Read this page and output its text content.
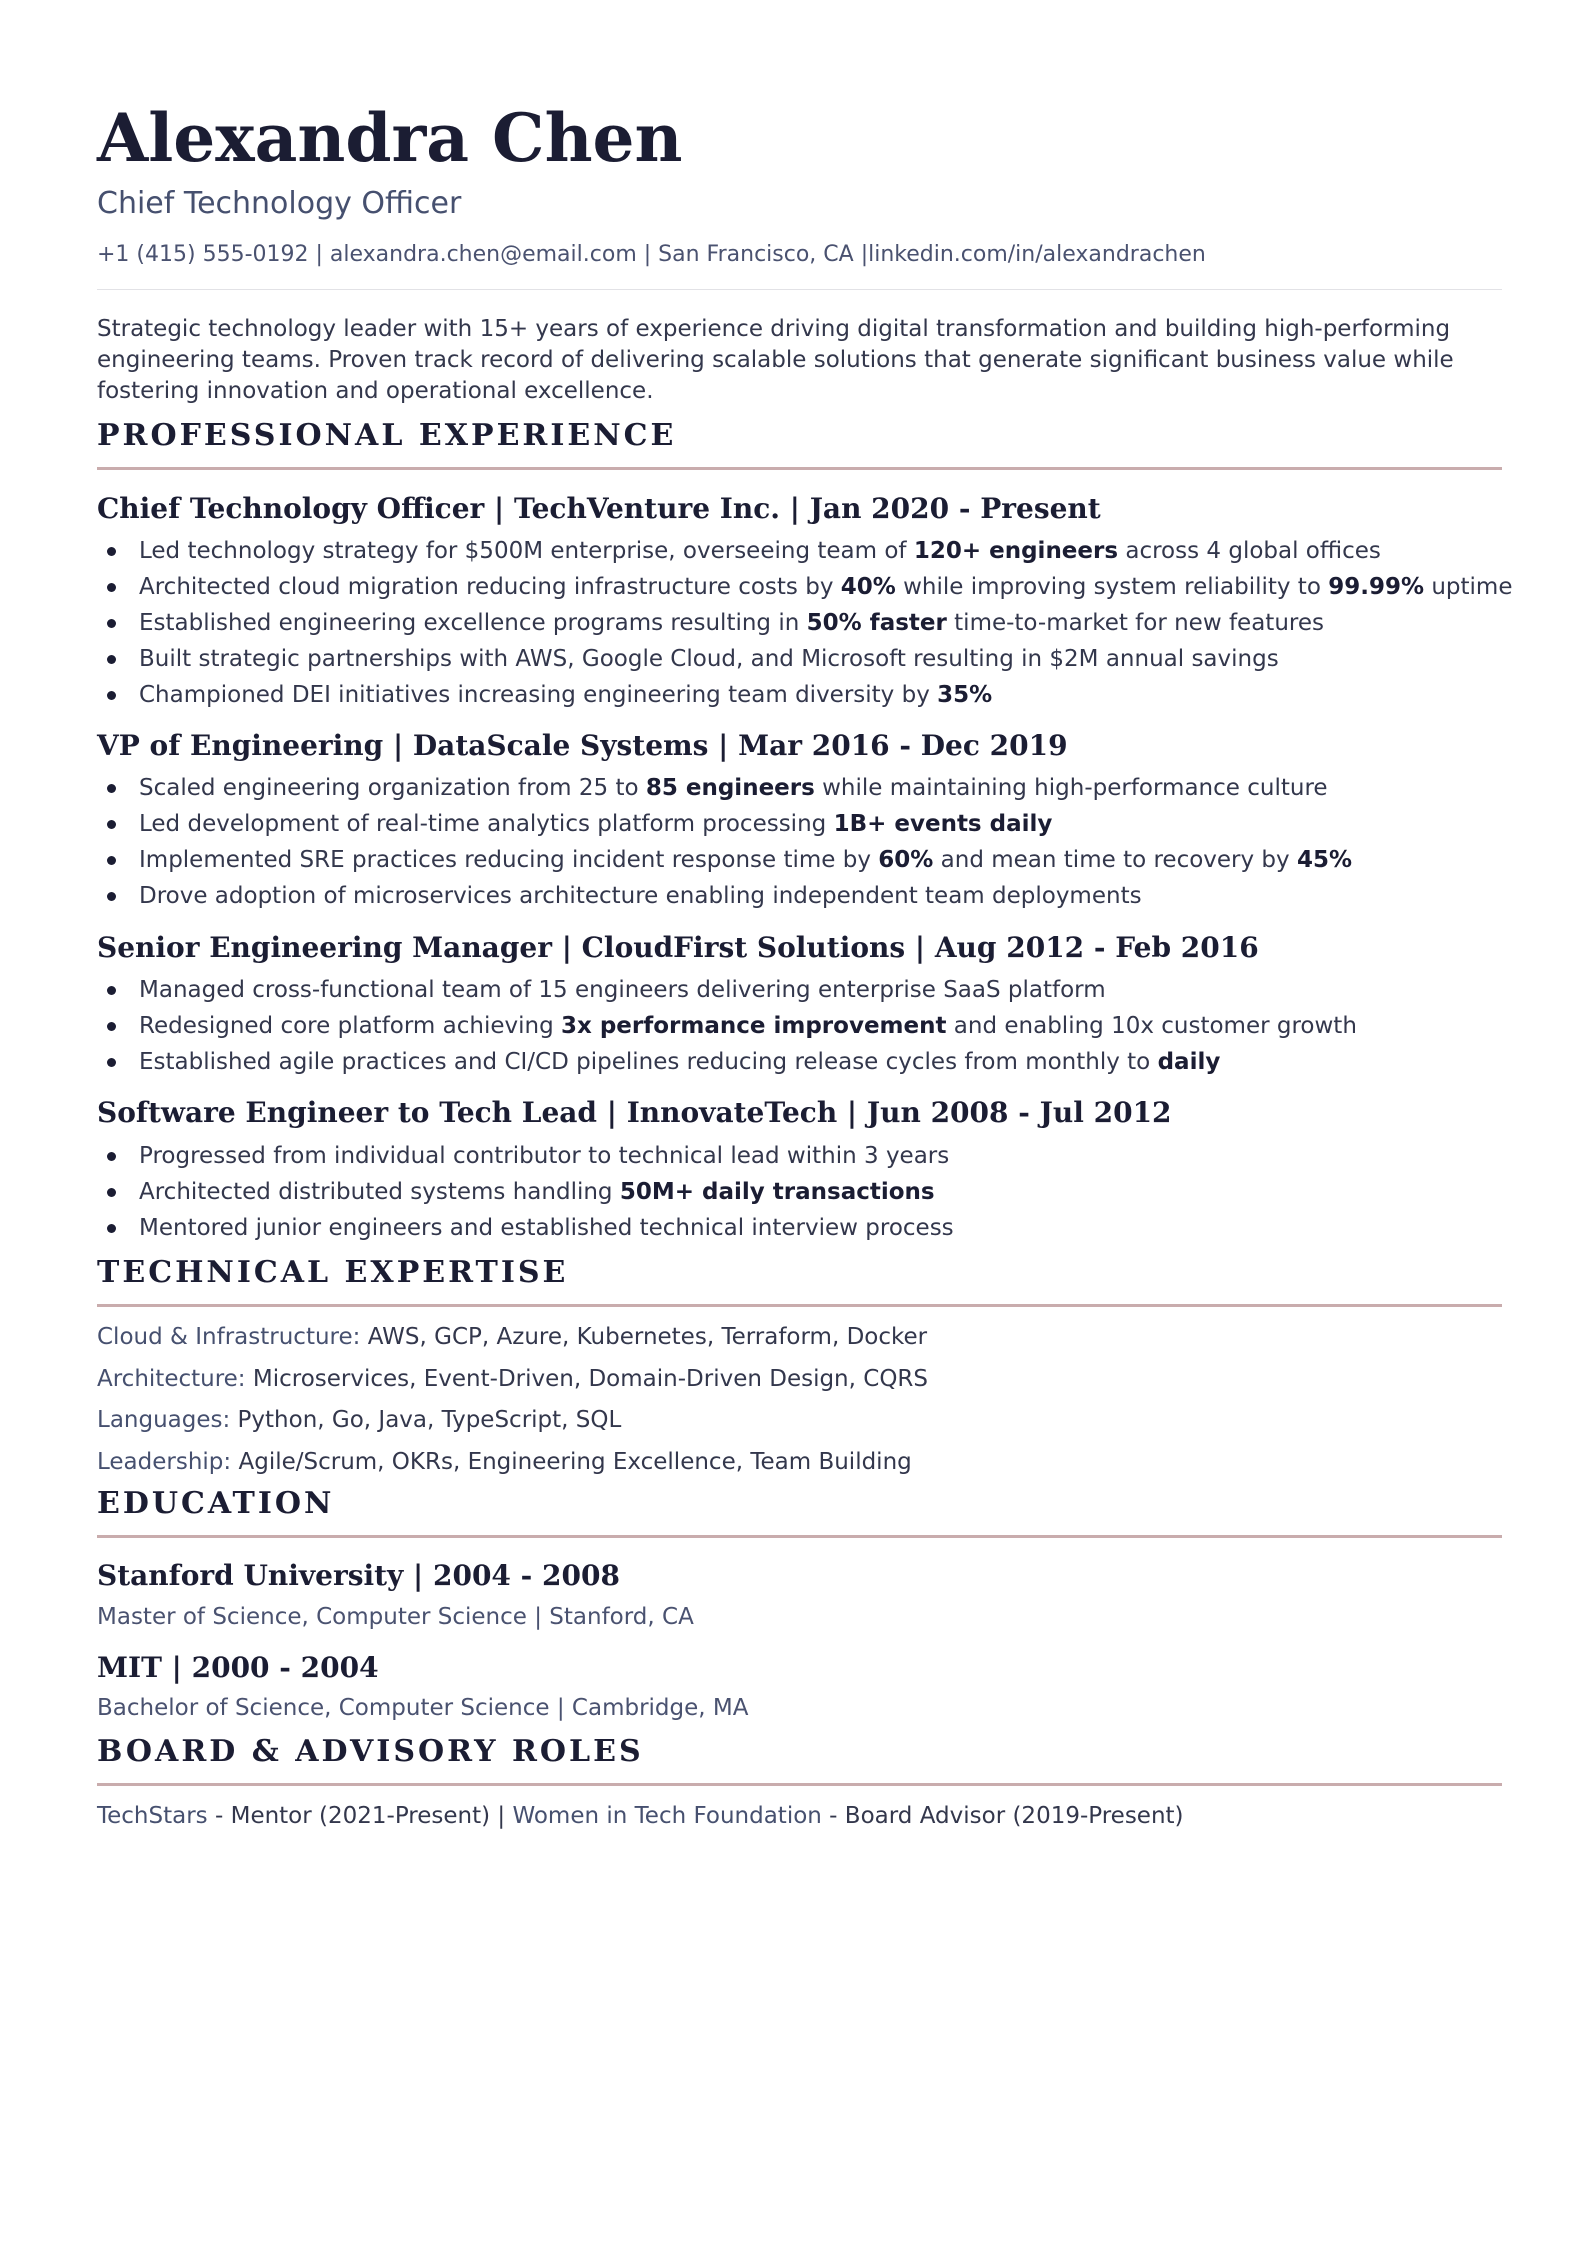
Alexandra Chen
Chief Technology Officer
+1 (415) 555-0192 | alexandra.chen@email.com | San Francisco, CA |linkedin.com/in/alexandrachen
Strategic technology leader with 15+ years of experience driving digital transformation and building high-performing engineering teams. Proven track record of delivering scalable solutions that generate significant business value while fostering innovation and operational excellence.
PROFESSIONAL EXPERIENCE
Chief Technology Officer | TechVenture Inc. | Jan 2020 - Present
Led technology strategy for $500M enterprise, overseeing team of 120+ engineers across 4 global offices
Architected cloud migration reducing infrastructure costs by 40% while improving system reliability to 99.99% uptime
Established engineering excellence programs resulting in 50% faster time-to-market for new features
Built strategic partnerships with AWS, Google Cloud, and Microsoft resulting in $2M annual savings
Championed DEI initiatives increasing engineering team diversity by 35%
VP of Engineering | DataScale Systems | Mar 2016 - Dec 2019
Scaled engineering organization from 25 to 85 engineers while maintaining high-performance culture
Led development of real-time analytics platform processing 1B+ events daily
Implemented SRE practices reducing incident response time by 60% and mean time to recovery by 45%
Drove adoption of microservices architecture enabling independent team deployments
Senior Engineering Manager | CloudFirst Solutions | Aug 2012 - Feb 2016
Managed cross-functional team of 15 engineers delivering enterprise SaaS platform
Redesigned core platform achieving 3x performance improvement and enabling 10x customer growth
Established agile practices and CI/CD pipelines reducing release cycles from monthly to daily
Software Engineer to Tech Lead | InnovateTech | Jun 2008 - Jul 2012
Progressed from individual contributor to technical lead within 3 years
Architected distributed systems handling 50M+ daily transactions
Mentored junior engineers and established technical interview process
TECHNICAL EXPERTISE
Cloud & Infrastructure: AWS, GCP, Azure, Kubernetes, Terraform, Docker
Architecture: Microservices, Event-Driven, Domain-Driven Design, CQRS
Languages: Python, Go, Java, TypeScript, SQL
Leadership: Agile/Scrum, OKRs, Engineering Excellence, Team Building
EDUCATION
Stanford University | 2004 - 2008
Master of Science, Computer Science | Stanford, CA
MIT | 2000 - 2004
Bachelor of Science, Computer Science | Cambridge, MA
BOARD & ADVISORY ROLES
TechStars - Mentor (2021-Present) | Women in Tech Foundation - Board Advisor (2019-Present)
